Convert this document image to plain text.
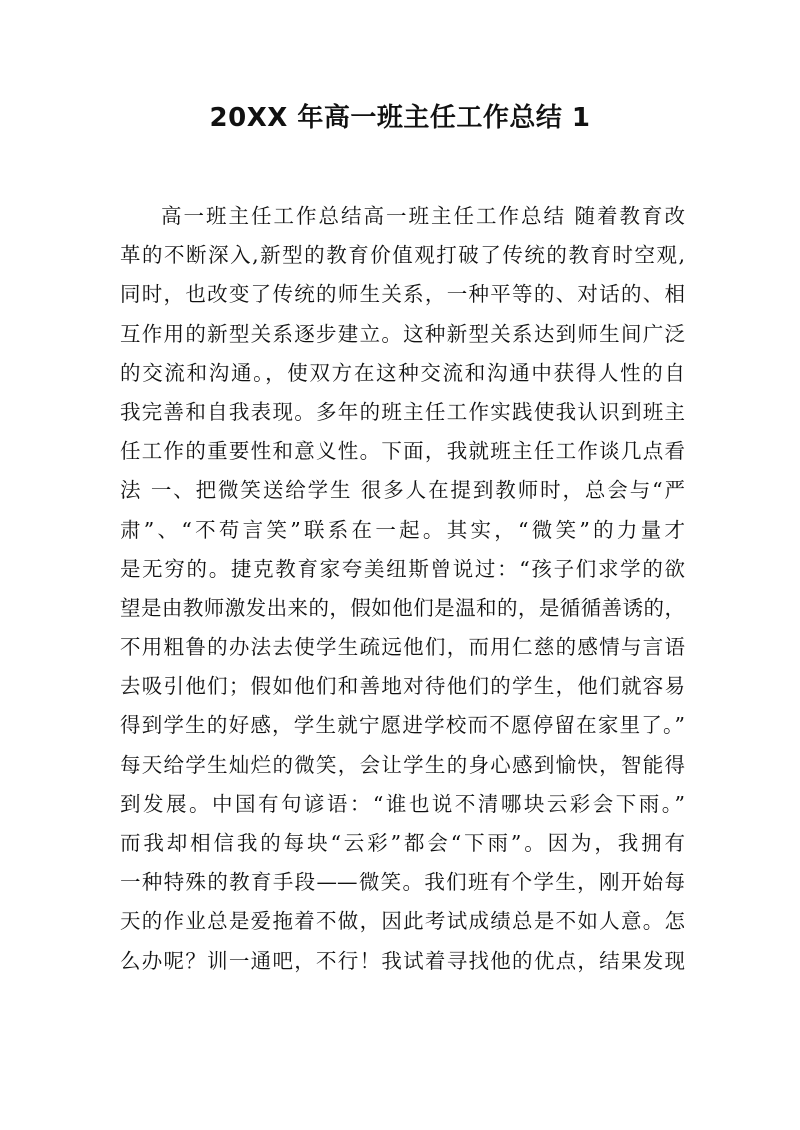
20XX 年高一班主任工作总结 1
高一班主任工作总结高一班主任工作总结 随着教育改
革的不断深入,新型的教育价值观打破了传统的教育时空观,
同时，也改变了传统的师生关系，一种平等的、对话的、相
互作用的新型关系逐步建立。这种新型关系达到师生间广泛
的交流和沟通。，使双方在这种交流和沟通中获得人性的自
我完善和自我表现。多年的班主任工作实践使我认识到班主
任工作的重要性和意义性。下面，我就班主任工作谈几点看
法 一、把微笑送给学生 很多人在提到教师时，总会与“严
肃”、“不苟言笑”联系在一起。其实，“微笑”的力量才
是无穷的。捷克教育家夸美纽斯曾说过：“孩子们求学的欲
望是由教师激发出来的，假如他们是温和的，是循循善诱的，
不用粗鲁的办法去使学生疏远他们，而用仁慈的感情与言语
去吸引他们；假如他们和善地对待他们的学生，他们就容易
得到学生的好感，学生就宁愿进学校而不愿停留在家里了。”
每天给学生灿烂的微笑，会让学生的身心感到愉快，智能得
到发展。中国有句谚语：“谁也说不清哪块云彩会下雨。”
而我却相信我的每块“云彩”都会“下雨”。因为，我拥有
一种特殊的教育手段——微笑。我们班有个学生，刚开始每
天的作业总是爱拖着不做，因此考试成绩总是不如人意。怎
么办呢？训一通吧，不行！我试着寻找他的优点，结果发现
